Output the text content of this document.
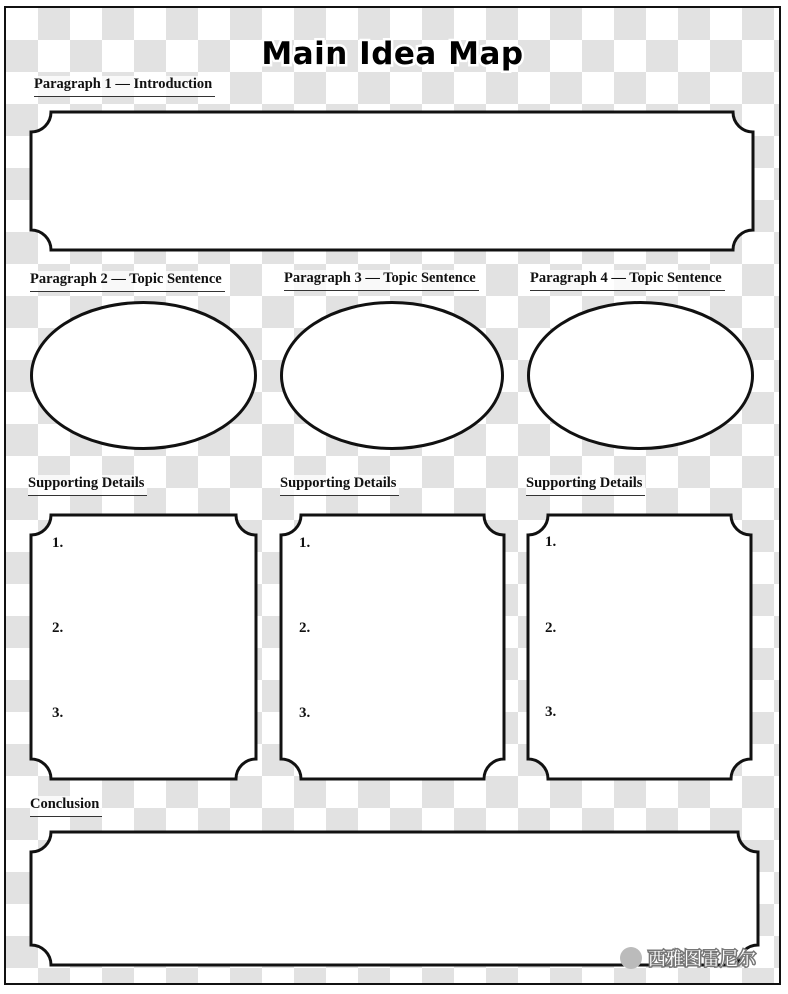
Main Idea Map
Paragraph 1 — Introduction
Paragraph 2 — Topic Sentence	Paragraph 3 — Topic Sentence	Paragraph 4 — Topic Sentence
Supporting Details	Supporting Details	Supporting Details
1.
2.
3.
1.
2.
3.
1.
2.
3.
Conclusion
西雅图雷尼尔
